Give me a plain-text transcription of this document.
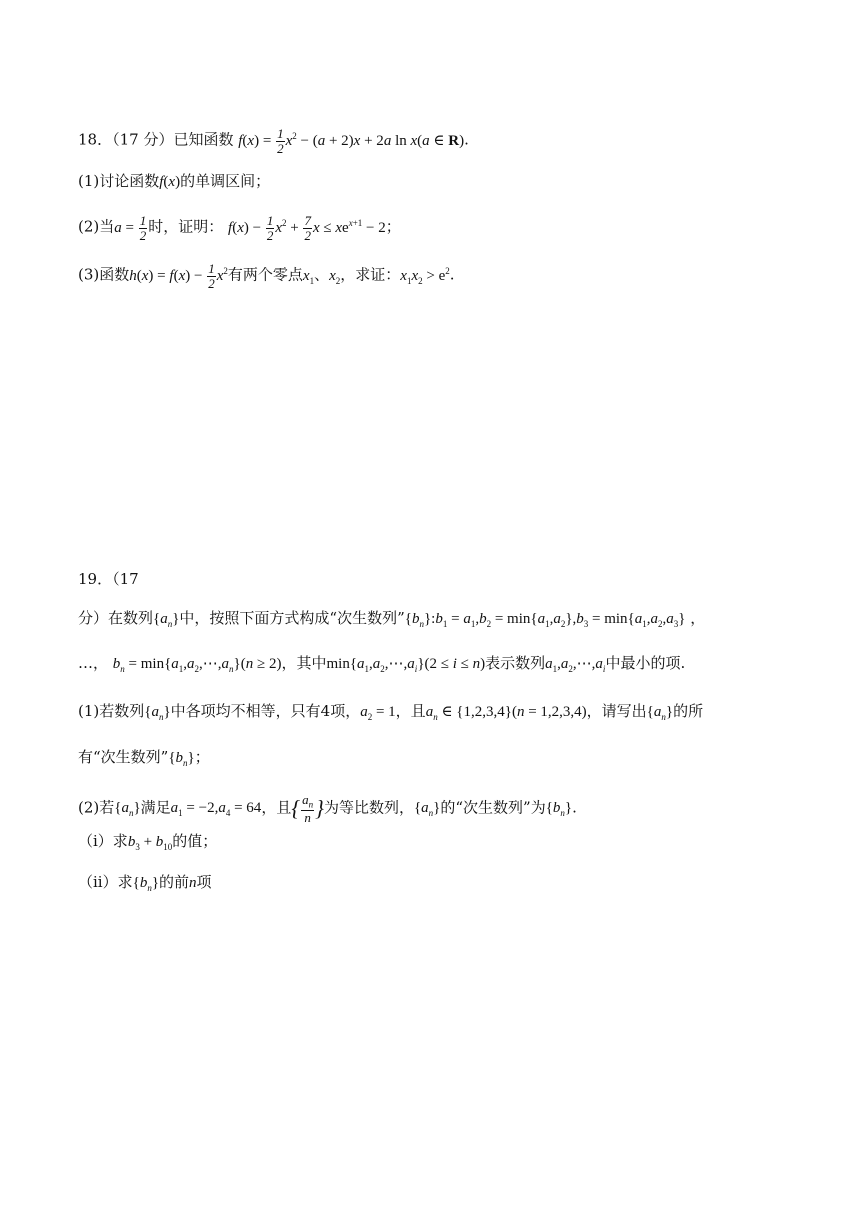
18．（17 分）已知函数 $f(x) = \frac{1}{2} x^2 - (a + 2)x + 2a$ ln x(a ∈ R).
(1)讨论函数f(x)的单调区间；
(2)当$a = \frac{1}{2}$ 时，证明： $f(x) - \frac{1}{2} x^2 + \frac{7}{2}$ $x \le xe^{x+1} - 2$；
(3)函数$h(x) = f(x) - \frac{1}{2} x^2$有两个零点$x_1$、$x_2$，求证：$x_1x_2 > e^2$.
19．（17
分）在数列$\{a_n\}$中，按照下面方式构成“次生数列$”\{b_n\}:b_1 = a_1,b_2 = \min\{a_1,a_2\},b_3 = \min\{a_1,a_2,a_3\}$ ，
…， $b_n$ = $\min\{a_1,a_2,\cdots,a_n\}(n \ge 2)$，其中$\min\{a_1,a_2,\cdots,a_i\}(2 \le i \le n)$表示数列$a_1,a_2,\cdots,a_i$中最小的项.
(1)若数列$\{a_n\}$中各项均不相等，只有4项，$a_2 = 1$，且$a_n$ ∈ {1,2,3,4}(n = 1,2,3,4)，请写出$\{a_n\}$的所
有“次生数列$”\{b_n\}$；
(2)若$\{a_n\}$满足$a_1 = -2,a_4 = 64$，且{ $\frac{a_n}{n}$ }为等比数列，$\{a_n\}$的“次生数列”为$\{b_n\}$.
（i）求$b_3 + b_{10}$的值；
（ii）求$\{b_n\}$的前n项
